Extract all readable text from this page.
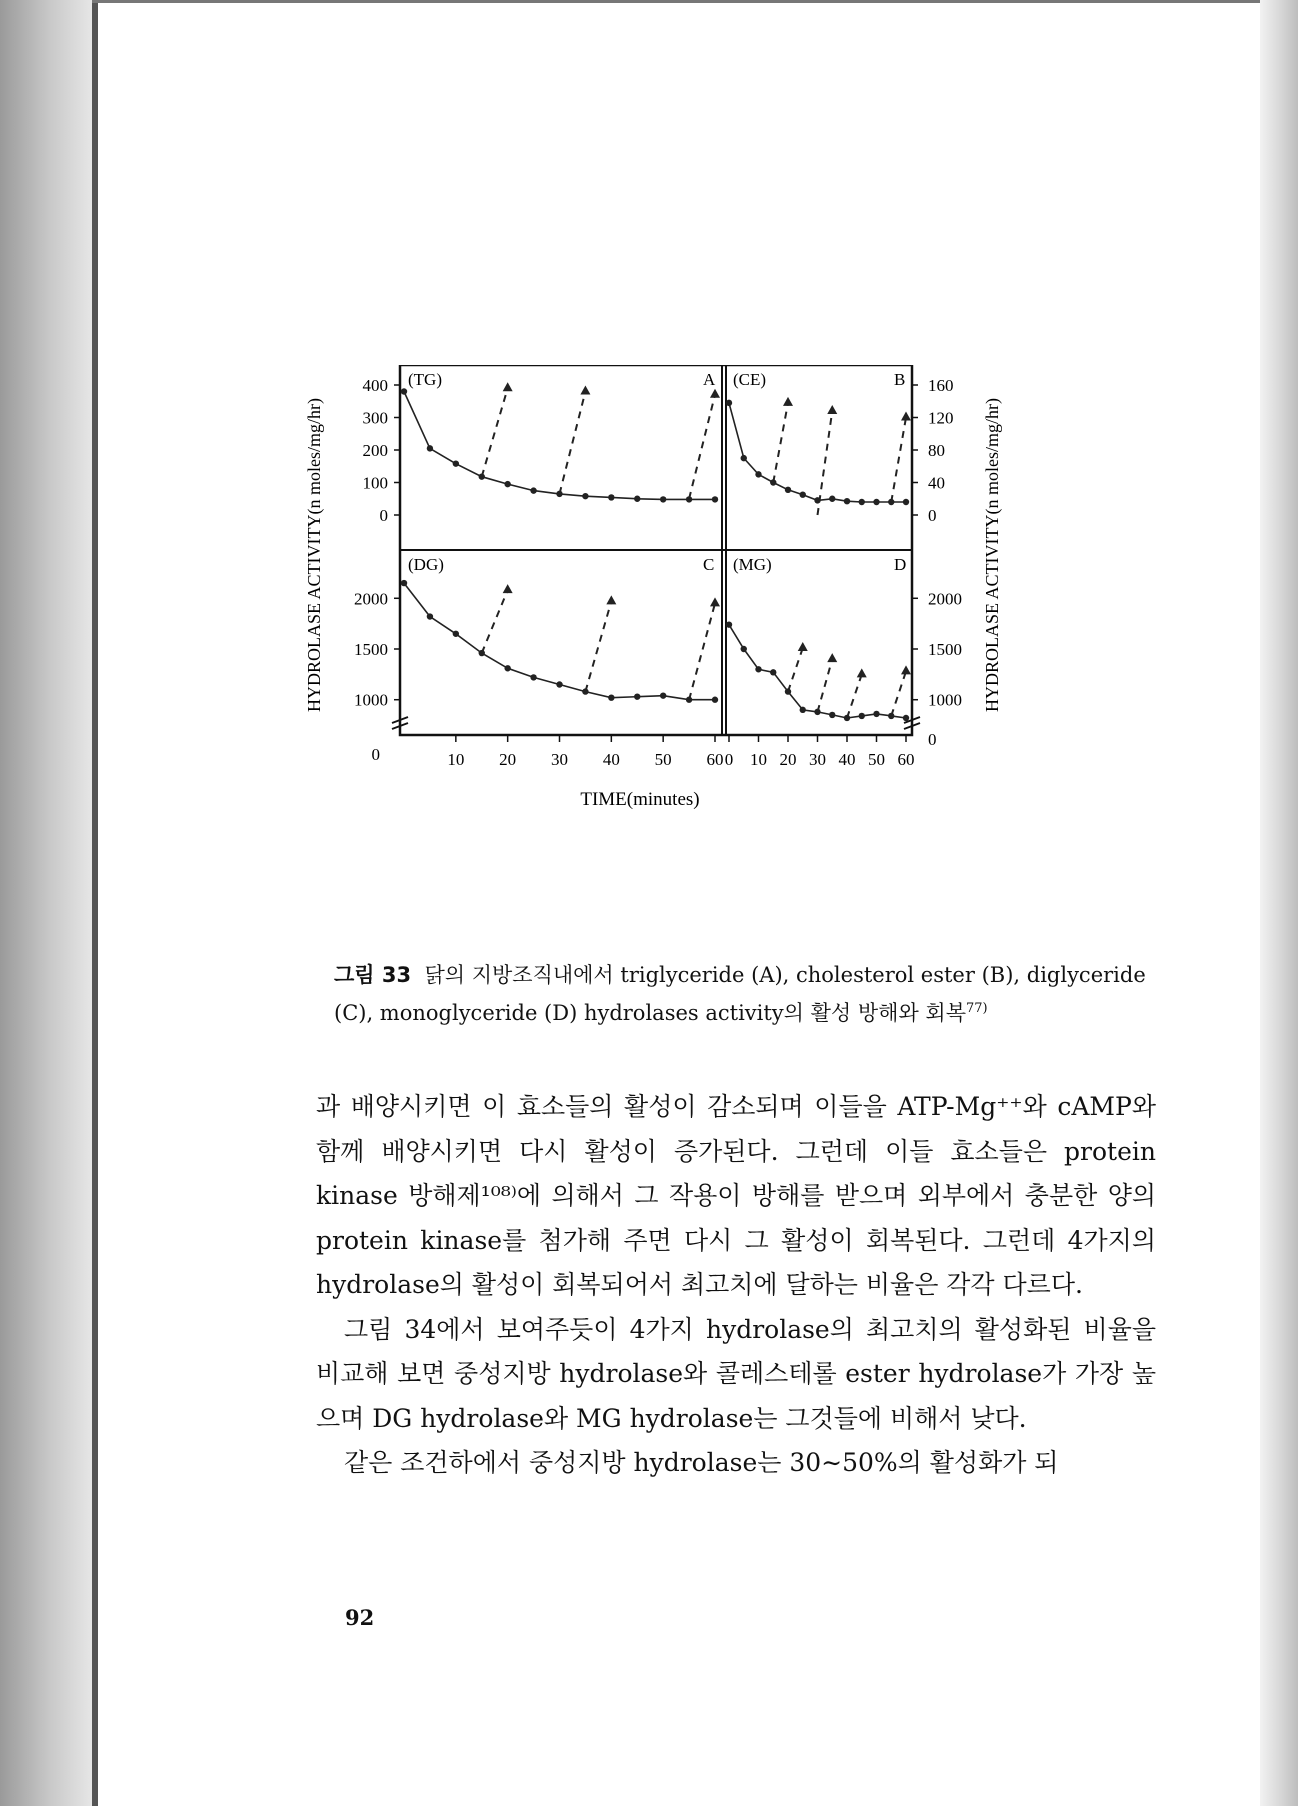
(TG)	A
0
100
200
300
400	(CE)	B
0
40
80
120
160
(DG)	C
1000
1500
2000
(MG)	D
1000
1500
2000
10 20 30 40 50 60 0 10 20 30 40 50 60
0
0
TIME(minutes)
HYDROLASE ACTIVITY(n moles/mg/hr)	HYDROLASE ACTIVITY(n moles/mg/hr)
그림 33 닭의 지방조직내에서 triglyceride (A), cholesterol ester (B), diglyceride (C), monoglyceride (D) hydrolases activity의 활성 방해와 회복$^{77)}$

과 배양시키면 이 효소들의 활성이 감소되며 이들을 ATP-Mg⁺⁺와 cAMP와 함께 배양시키면 다시 활성이 증가된다. 그런데 이들 효소들은 protein kinase 방해제¹⁰⁸⁾에 의해서 그 작용이 방해를 받으며 외부에서 충분한 양의 protein kinase를 첨가해 주면 다시 그 활성이 회복된다. 그런데 4가지의 hydrolase의 활성이 회복되어서 최고치에 달하는 비율은 각각 다르다.

그림 34에서 보여주듯이 4가지 hydrolase의 최고치의 활성화된 비율을 비교해 보면 중성지방 hydrolase와 콜레스테롤 ester hydrolase가 가장 높으며 DG hydrolase와 MG hydrolase는 그것들에 비해서 낮다.

같은 조건하에서 중성지방 hydrolase는 30∼50%의 활성화가 되

92
